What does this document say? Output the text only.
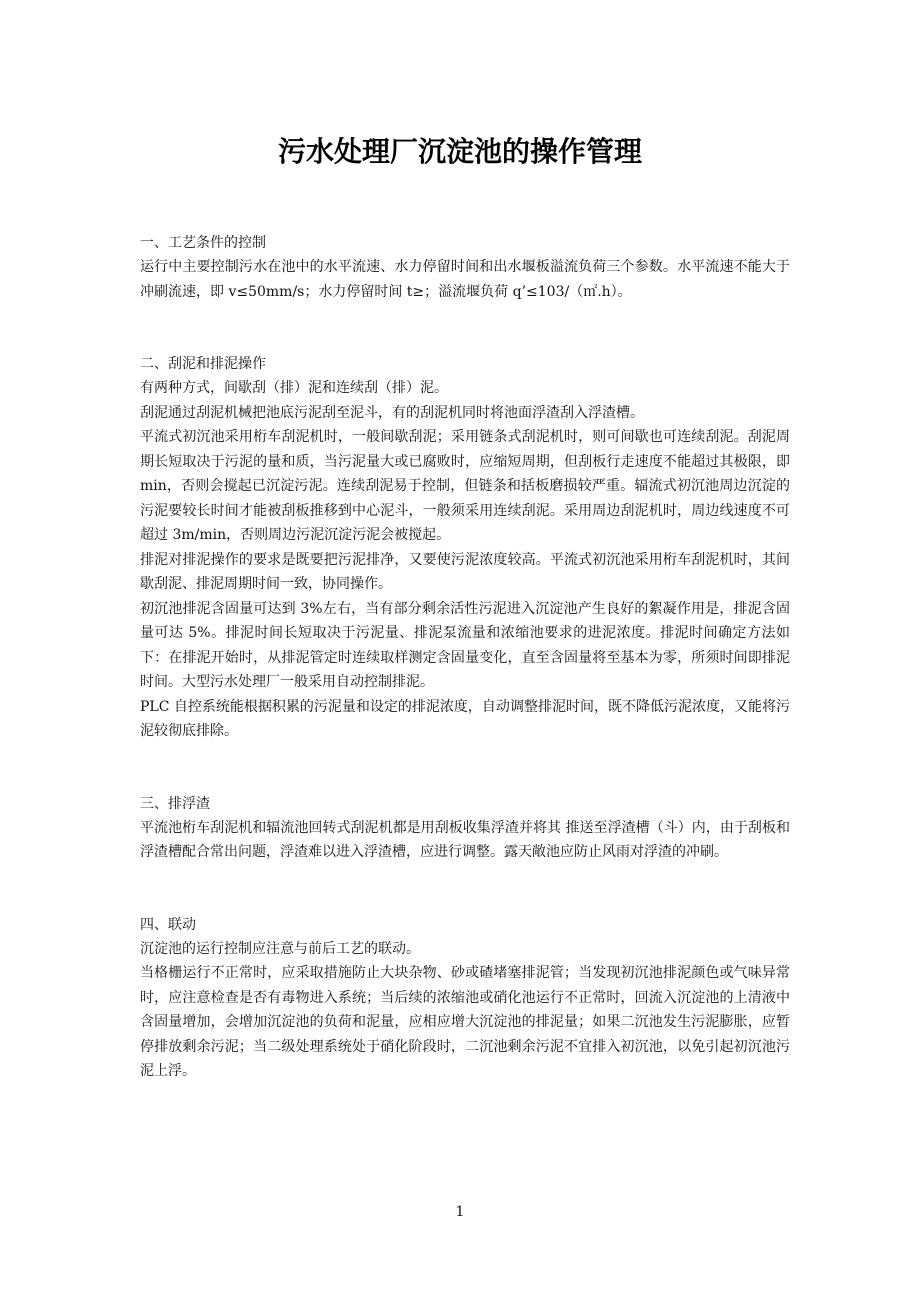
污水处理厂沉淀池的操作管理

一、工艺条件的控制

运行中主要控制污水在池中的水平流速、水力停留时间和出水堰板溢流负荷三个参数。水平流速不能大于冲刷流速，即 v≤50mm/s；水力停留时间 t≥；溢流堰负荷 q’≤103/（㎡.h）。

二、刮泥和排泥操作

有两种方式，间歇刮（排）泥和连续刮（排）泥。

刮泥通过刮泥机械把池底污泥刮至泥斗，有的刮泥机同时将池面浮渣刮入浮渣槽。

平流式初沉池采用桁车刮泥机时，一般间歇刮泥；采用链条式刮泥机时，则可间歇也可连续刮泥。刮泥周期长短取决于污泥的量和质，当污泥量大或已腐败时，应缩短周期，但刮板行走速度不能超过其极限，即 min，否则会搅起已沉淀污泥。连续刮泥易于控制，但链条和括板磨损较严重。辐流式初沉池周边沉淀的污泥要较长时间才能被刮板推移到中心泥斗，一般须采用连续刮泥。采用周边刮泥机时，周边线速度不可超过 3m/min，否则周边污泥沉淀污泥会被搅起。

排泥对排泥操作的要求是既要把污泥排净，又要使污泥浓度较高。平流式初沉池采用桁车刮泥机时，其间歇刮泥、排泥周期时间一致，协同操作。

初沉池排泥含固量可达到 3%左右，当有部分剩余活性污泥进入沉淀池产生良好的絮凝作用是，排泥含固量可达 5%。排泥时间长短取决于污泥量、排泥泵流量和浓缩池要求的进泥浓度。排泥时间确定方法如下：在排泥开始时，从排泥管定时连续取样测定含固量变化，直至含固量将至基本为零，所须时间即排泥时间。大型污水处理厂一般采用自动控制排泥。

PLC 自控系统能根据积累的污泥量和设定的排泥浓度，自动调整排泥时间，既不降低污泥浓度，又能将污泥较彻底排除。

三、排浮渣

平流池桁车刮泥机和辐流池回转式刮泥机都是用刮板收集浮渣并将其 推送至浮渣槽（斗）内，由于刮板和浮渣槽配合常出问题，浮渣难以进入浮渣槽，应进行调整。露天敞池应防止风雨对浮渣的冲刷。

四、联动

沉淀池的运行控制应注意与前后工艺的联动。

当格栅运行不正常时，应采取措施防止大块杂物、砂或碴堵塞排泥管；当发现初沉池排泥颜色或气味异常时，应注意检查是否有毒物进入系统；当后续的浓缩池或硝化池运行不正常时，回流入沉淀池的上清液中含固量增加，会增加沉淀池的负荷和泥量，应相应增大沉淀池的排泥量；如果二沉池发生污泥膨胀，应暂停排放剩余污泥；当二级处理系统处于硝化阶段时，二沉池剩余污泥不宜排入初沉池，以免引起初沉池污泥上浮。

1
